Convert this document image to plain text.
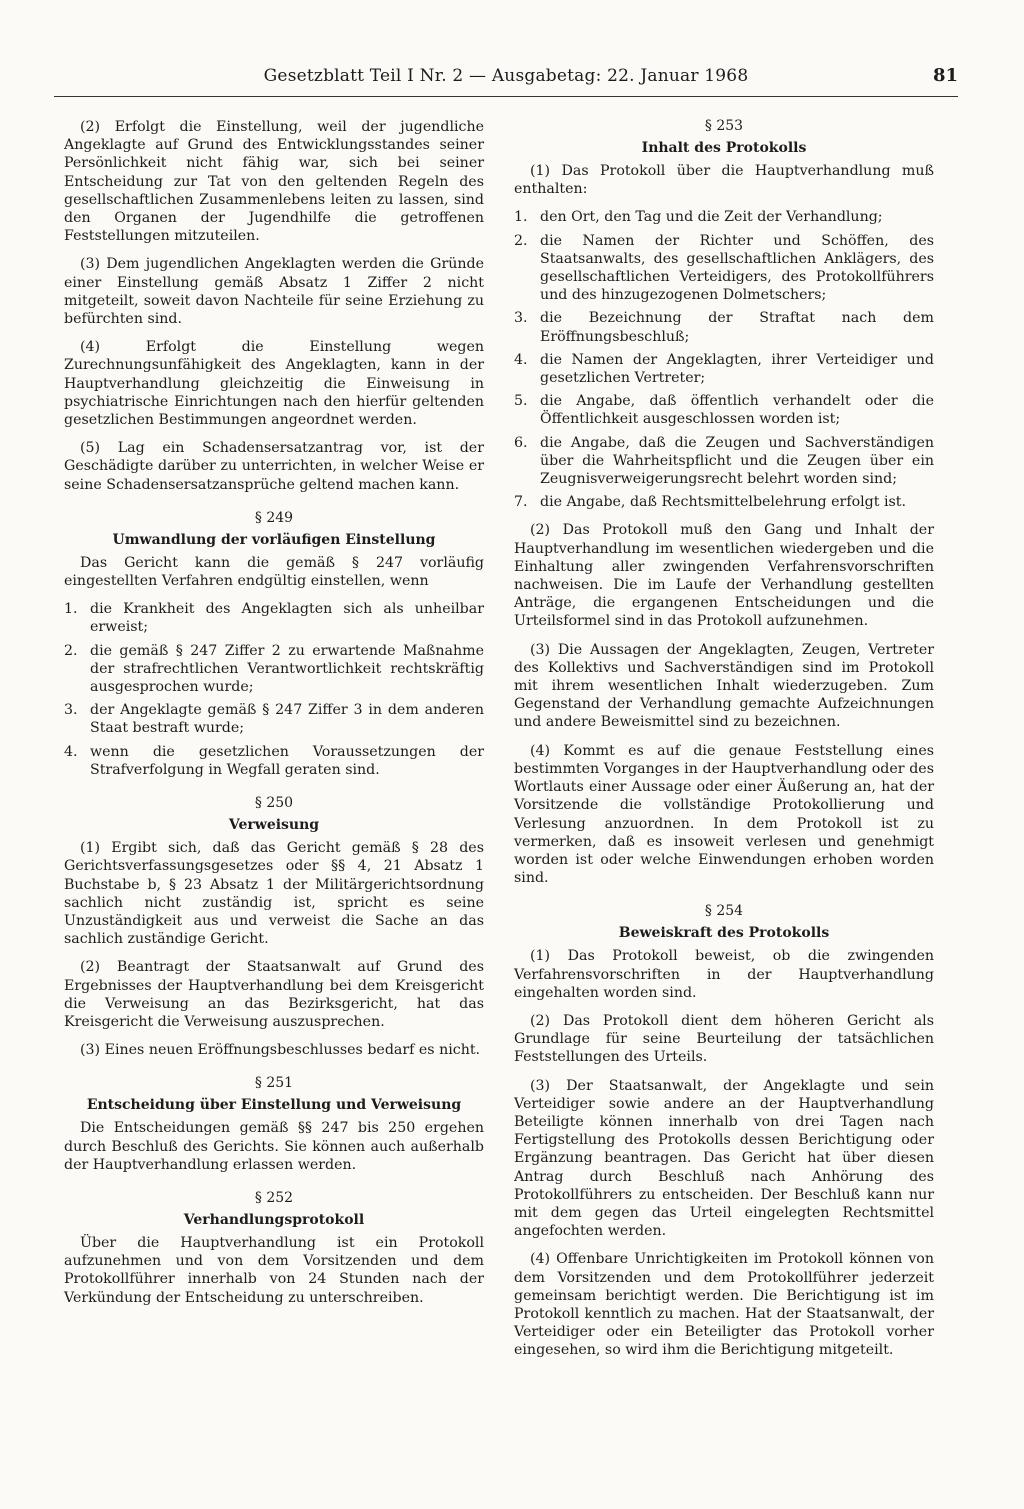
Gesetzblatt Teil I Nr. 2 — Ausgabetag: 22. Januar 1968	81

(2) Erfolgt die Einstellung, weil der jugendliche Angeklagte auf Grund des Entwicklungsstandes seiner Persönlichkeit nicht fähig war, sich bei seiner Entscheidung zur Tat von den geltenden Regeln des gesellschaftlichen Zusammenlebens leiten zu lassen, sind den Organen der Jugendhilfe die getroffenen Feststellungen mitzuteilen.

(3) Dem jugendlichen Angeklagten werden die Gründe einer Einstellung gemäß Absatz 1 Ziffer 2 nicht mitgeteilt, soweit davon Nachteile für seine Erziehung zu befürchten sind.

(4) Erfolgt die Einstellung wegen Zurechnungsunfähigkeit des Angeklagten, kann in der Hauptverhandlung gleichzeitig die Einweisung in psychiatrische Einrichtungen nach den hierfür geltenden gesetzlichen Bestimmungen angeordnet werden.

(5) Lag ein Schadensersatzantrag vor, ist der Geschädigte darüber zu unterrichten, in welcher Weise er seine Schadensersatzansprüche geltend machen kann.

§ 249
Umwandlung der vorläufigen Einstellung

Das Gericht kann die gemäß § 247 vorläufig eingestellten Verfahren endgültig einstellen, wenn

1. die Krankheit des Angeklagten sich als unheilbar erweist;
2. die gemäß § 247 Ziffer 2 zu erwartende Maßnahme der strafrechtlichen Verantwortlichkeit rechtskräftig ausgesprochen wurde;
3. der Angeklagte gemäß § 247 Ziffer 3 in dem anderen Staat bestraft wurde;
4. wenn die gesetzlichen Voraussetzungen der Strafverfolgung in Wegfall geraten sind.
§ 250
Verweisung

(1) Ergibt sich, daß das Gericht gemäß § 28 des Gerichtsverfassungsgesetzes oder §§ 4, 21 Absatz 1 Buchstabe b, § 23 Absatz 1 der Militärgerichtsordnung sachlich nicht zuständig ist, spricht es seine Unzuständigkeit aus und verweist die Sache an das sachlich zuständige Gericht.

(2) Beantragt der Staatsanwalt auf Grund des Ergebnisses der Hauptverhandlung bei dem Kreisgericht die Verweisung an das Bezirksgericht, hat das Kreisgericht die Verweisung auszusprechen.

(3) Eines neuen Eröffnungsbeschlusses bedarf es nicht.

§ 251
Entscheidung über Einstellung und Verweisung

Die Entscheidungen gemäß §§ 247 bis 250 ergehen durch Beschluß des Gerichts. Sie können auch außerhalb der Hauptverhandlung erlassen werden.

§ 252
Verhandlungsprotokoll

Über die Hauptverhandlung ist ein Protokoll aufzunehmen und von dem Vorsitzenden und dem Protokollführer innerhalb von 24 Stunden nach der Verkündung der Entscheidung zu unterschreiben.

§ 253
Inhalt des Protokolls

(1) Das Protokoll über die Hauptverhandlung muß enthalten:

1. den Ort, den Tag und die Zeit der Verhandlung;
2. die Namen der Richter und Schöffen, des Staatsanwalts, des gesellschaftlichen Anklägers, des gesellschaftlichen Verteidigers, des Protokollführers und des hinzugezogenen Dolmetschers;
3. die Bezeichnung der Straftat nach dem Eröffnungsbeschluß;
4. die Namen der Angeklagten, ihrer Verteidiger und gesetzlichen Vertreter;
5. die Angabe, daß öffentlich verhandelt oder die Öffentlichkeit ausgeschlossen worden ist;
6. die Angabe, daß die Zeugen und Sachverständigen über die Wahrheitspflicht und die Zeugen über ein Zeugnisverweigerungsrecht belehrt worden sind;
7. die Angabe, daß Rechtsmittelbelehrung erfolgt ist.

(2) Das Protokoll muß den Gang und Inhalt der Hauptverhandlung im wesentlichen wiedergeben und die Einhaltung aller zwingenden Verfahrensvorschriften nachweisen. Die im Laufe der Verhandlung gestellten Anträge, die ergangenen Entscheidungen und die Urteilsformel sind in das Protokoll aufzunehmen.

(3) Die Aussagen der Angeklagten, Zeugen, Vertreter des Kollektivs und Sachverständigen sind im Protokoll mit ihrem wesentlichen Inhalt wiederzugeben. Zum Gegenstand der Verhandlung gemachte Aufzeichnungen und andere Beweismittel sind zu bezeichnen.

(4) Kommt es auf die genaue Feststellung eines bestimmten Vorganges in der Hauptverhandlung oder des Wortlauts einer Aussage oder einer Äußerung an, hat der Vorsitzende die vollständige Protokollierung und Verlesung anzuordnen. In dem Protokoll ist zu vermerken, daß es insoweit verlesen und genehmigt worden ist oder welche Einwendungen erhoben worden sind.

§ 254
Beweiskraft des Protokolls

(1) Das Protokoll beweist, ob die zwingenden Verfahrensvorschriften in der Hauptverhandlung eingehalten worden sind.

(2) Das Protokoll dient dem höheren Gericht als Grundlage für seine Beurteilung der tatsächlichen Feststellungen des Urteils.

(3) Der Staatsanwalt, der Angeklagte und sein Verteidiger sowie andere an der Hauptverhandlung Beteiligte können innerhalb von drei Tagen nach Fertigstellung des Protokolls dessen Berichtigung oder Ergänzung beantragen. Das Gericht hat über diesen Antrag durch Beschluß nach Anhörung des Protokollführers zu entscheiden. Der Beschluß kann nur mit dem gegen das Urteil eingelegten Rechtsmittel angefochten werden.

(4) Offenbare Unrichtigkeiten im Protokoll können von dem Vorsitzenden und dem Protokollführer jederzeit gemeinsam berichtigt werden. Die Berichtigung ist im Protokoll kenntlich zu machen. Hat der Staatsanwalt, der Verteidiger oder ein Beteiligter das Protokoll vorher eingesehen, so wird ihm die Berichtigung mitgeteilt.
